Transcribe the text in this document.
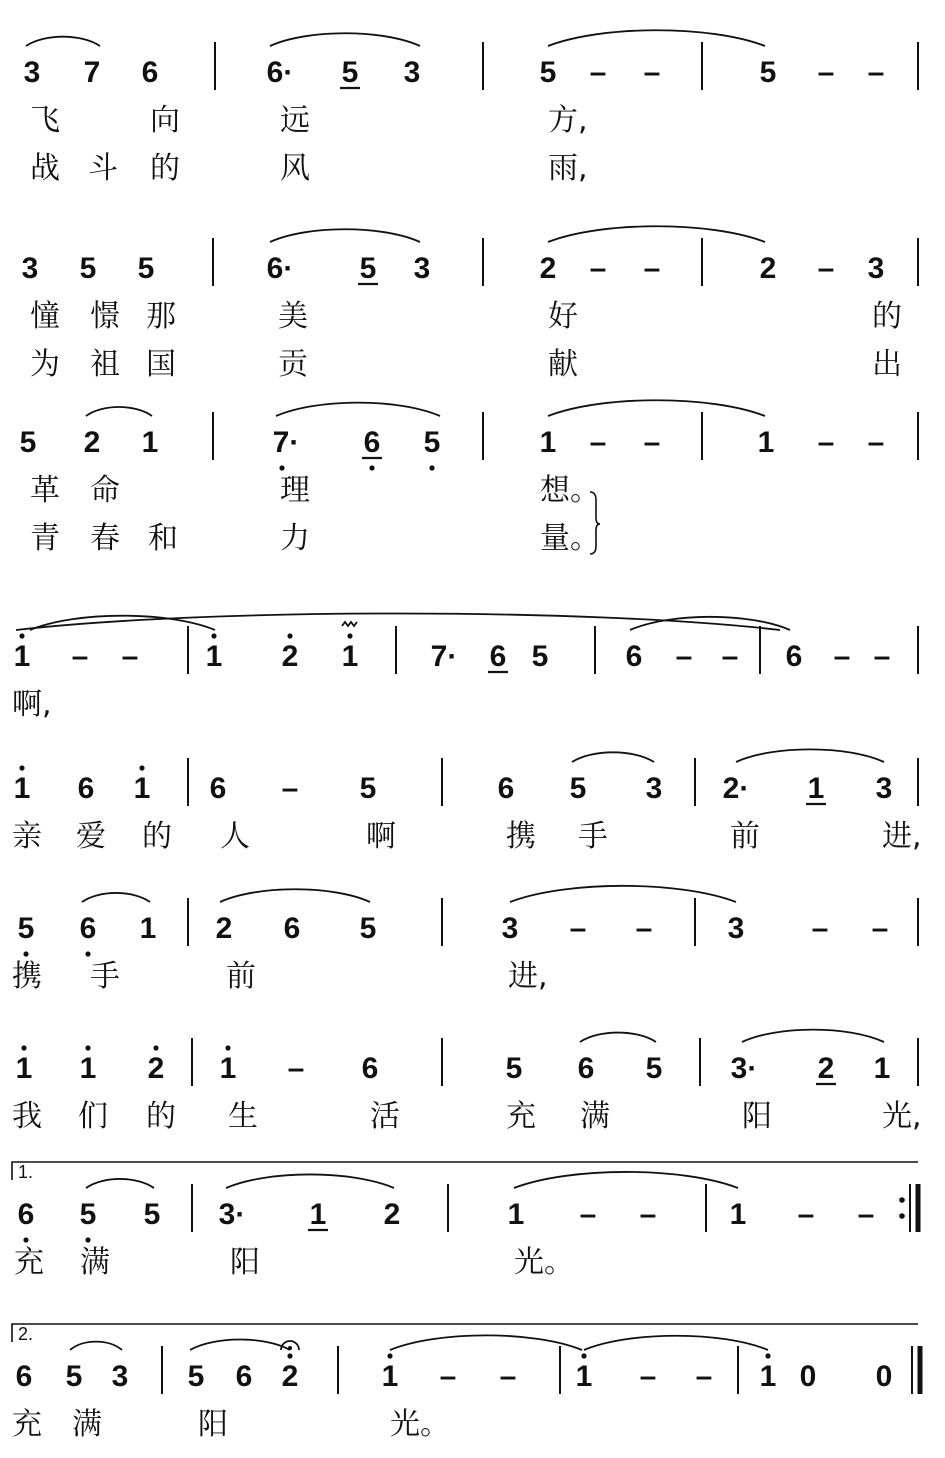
3 7 6	6· 5 3	5 – –	5 – –
飞	向	远	方,
战 斗 的	风	雨,
3 5 5	6· 5 3	2 – –	2 – 3
憧 憬 那	美	好	的
为 祖 国	贡	献	出
5 2 1	7· 6 5	1 – –	1 – –
革 命	理	想。
青 春 和	力	量。
1 – – 1 2 1 7· 6 5	6 – – 6 – –
啊,
1 6 1 6 – 5	6 5 3 2· 1 3
亲 爱 的 人	啊	携 手	前	进,
5 6 1 2 6 5	3 – –	3 – –
携 手	前	进,
1 1 2 1 – 6	5 6 5 3· 2 1
我 们 的 生	活	充 满	阳	光,
6 5 5 3· 1 2	1 – – 1 – –
1.
充 满	阳	光。
6 5 3 5 6 2	1 – – 1 – – 1 0 0
2.
充 满	阳	光。
